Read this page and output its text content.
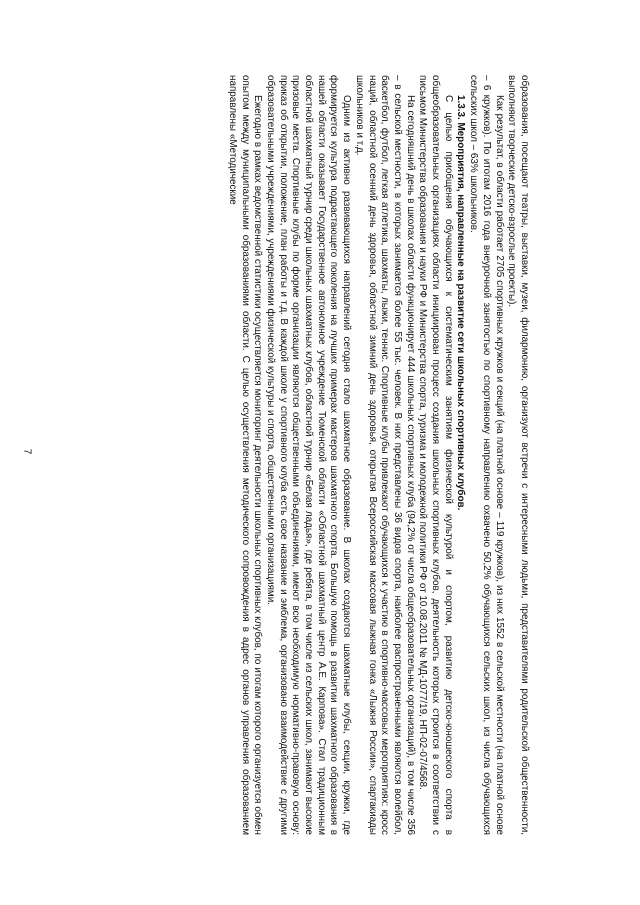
7	образования, посещают театры, выставки, музеи, филармонию, организуют встречи с интересными людьми, представителями родительской общественности, выполняют творческие детско-взрослые проекты).

Как результат, в области работает 2705 спортивных кружков и секций (на платной основе – 119 кружков), из них 1552 в сельской местности (на платной основе – 6 кружков). По итогам 2016 года внеурочной занятостью по спортивному направлению охвачено 50,2% обучающихся сельских школ, из числа обучающихся сельских школ – 63% школьников.

1.3.3. Мероприятия, направленные на развитие сети школьных спортивных клубов.

С целью приобщения обучающихся к систематическим занятиям физической культурой и спортом, развитию детско-юношеского спорта в общеобразовательных организациях области инициирован процесс создания школьных спортивных клубов, деятельность которых строится в соответствии с письмом Министерства образования и науки РФ и Министерства спорта, туризма и молодежной политики РФ от 10.08.2011 № МД-1077/19, НП-02-07/4568.

На сегодняшний день в школах области функционирует 444 школьных спортивных клуба (94,2% от числа общеобразовательных организаций), в том числе 356 – в сельской местности, в которых занимается более 55 тыс. человек. В них представлены 36 видов спорта, наиболее распространенными являются волейбол, баскетбол, футбол, легкая атлетика, шахматы, лыжи, теннис. Спортивные клубы привлекают обучающихся к участию в спортивно-массовых мероприятиях: кросс наций, областной осенний день здоровья, областной зимний день здоровья, открытая Всероссийская массовая лыжная гонка «Лыжня России», спартакиады школьников и т.д.

Одним из активно развивающихся направлений сегодня стало шахматное образование. В школах создаются шахматные клубы, секции, кружки, где формируется культура подрастающего поколения на лучших примерах мастеров шахматного спорта. Большую помощь в развитии шахматного образования в нашей области оказывает Государственное автономное учреждение Тюменской области «Областной шахматный центр А.Е. Карпова». Стал традиционным областной шахматный турнир среди школьных шахматных клубов, областной турнир «Белая ладья», где ребята, в том числе из сельских школ, занимают высокие призовые места. Спортивные клубы по форме организации являются общественными объединениями, имеют всю необходимую нормативно-правовую основу: приказ об открытии, положение, план работы и т.д. В каждой школе у спортивного клуба есть свое название и эмблема, организовано взаимодействие с другими образовательными учреждениями, учреждениями физической культуры и спорта, общественными организациями.

Ежегодно в рамках ведомственной статистики осуществляется мониторинг деятельности школьных спортивных клубов, по итогам которого организуется обмен опытом между муниципальными образованиями области. С целью осуществления методического сопровождения в адрес органов управления образованием направлены «Методические
